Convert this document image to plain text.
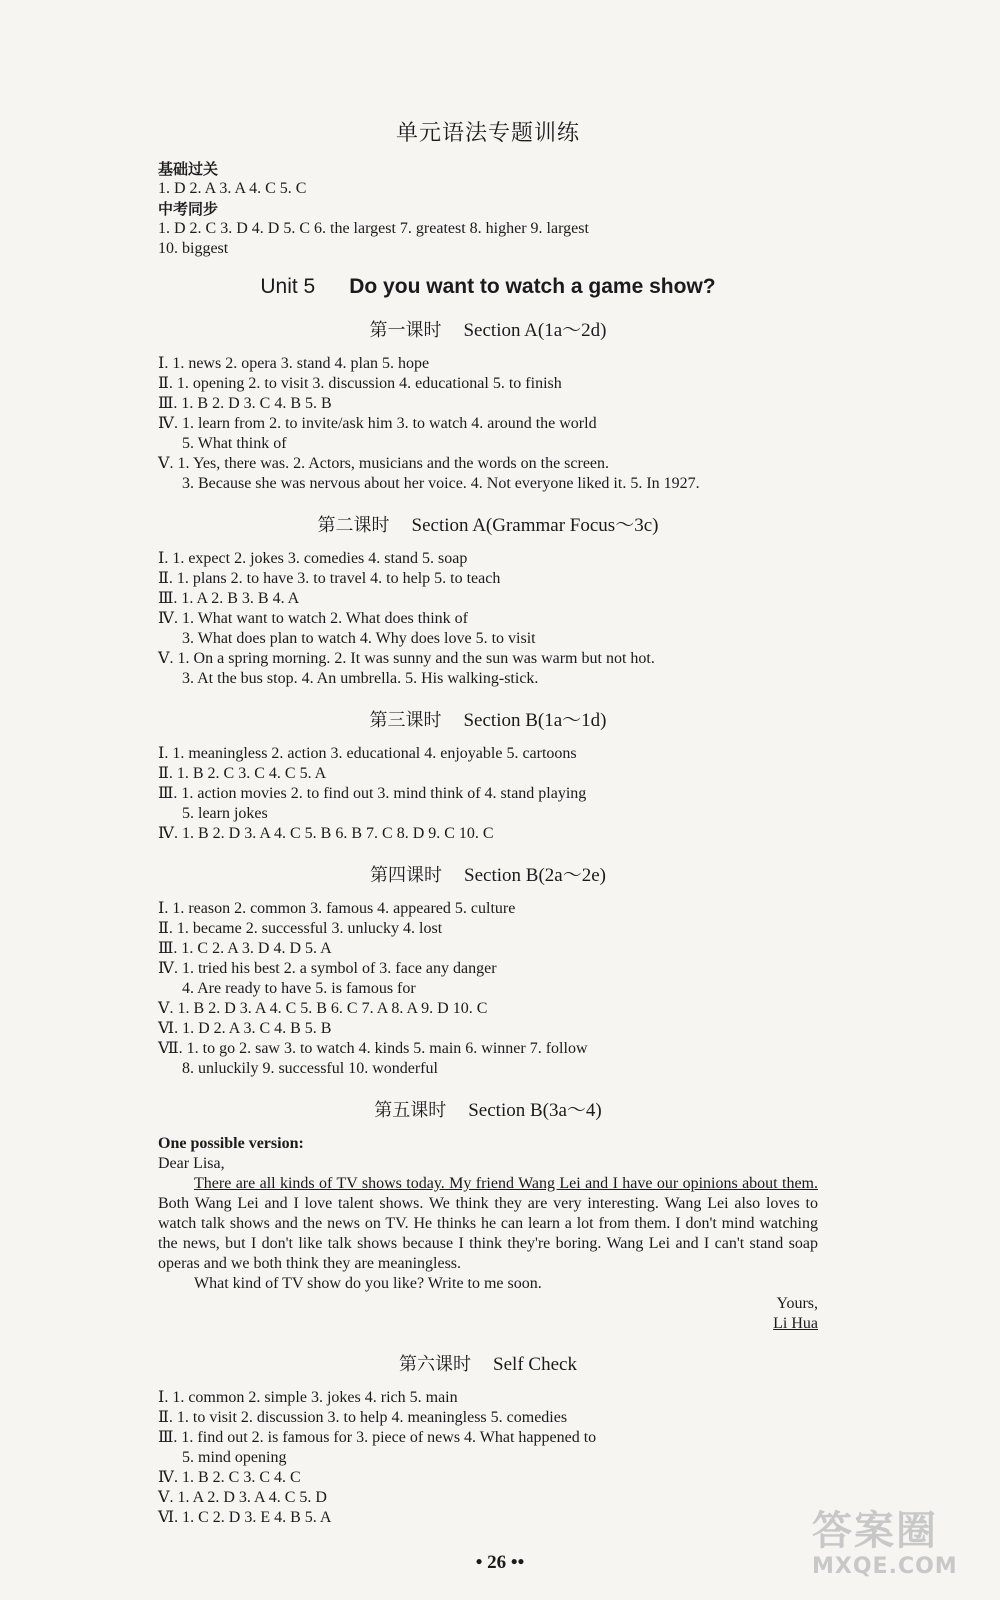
单元语法专题训练
基础过关
1. D 2. A 3. A 4. C 5. C
中考同步
1. D 2. C 3. D 4. D 5. C 6. the largest 7. greatest 8. higher 9. largest
10. biggest
Unit 5 Do you want to watch a game show?
第一课时 Section A(1a～2d)
Ⅰ. 1. news 2. opera 3. stand 4. plan 5. hope
Ⅱ. 1. opening 2. to visit 3. discussion 4. educational 5. to finish
Ⅲ. 1. B 2. D 3. C 4. B 5. B
Ⅳ. 1. learn from 2. to invite/ask him 3. to watch 4. around the world
5. What think of
Ⅴ. 1. Yes, there was. 2. Actors, musicians and the words on the screen.
3. Because she was nervous about her voice. 4. Not everyone liked it. 5. In 1927.
第二课时 Section A(Grammar Focus～3c)
Ⅰ. 1. expect 2. jokes 3. comedies 4. stand 5. soap
Ⅱ. 1. plans 2. to have 3. to travel 4. to help 5. to teach
Ⅲ. 1. A 2. B 3. B 4. A
Ⅳ. 1. What want to watch 2. What does think of
3. What does plan to watch 4. Why does love 5. to visit
Ⅴ. 1. On a spring morning. 2. It was sunny and the sun was warm but not hot.
3. At the bus stop. 4. An umbrella. 5. His walking-stick.
第三课时 Section B(1a～1d)
Ⅰ. 1. meaningless 2. action 3. educational 4. enjoyable 5. cartoons
Ⅱ. 1. B 2. C 3. C 4. C 5. A
Ⅲ. 1. action movies 2. to find out 3. mind think of 4. stand playing
5. learn jokes
Ⅳ. 1. B 2. D 3. A 4. C 5. B 6. B 7. C 8. D 9. C 10. C
第四课时 Section B(2a～2e)
Ⅰ. 1. reason 2. common 3. famous 4. appeared 5. culture
Ⅱ. 1. became 2. successful 3. unlucky 4. lost
Ⅲ. 1. C 2. A 3. D 4. D 5. A
Ⅳ. 1. tried his best 2. a symbol of 3. face any danger
4. Are ready to have 5. is famous for
Ⅴ. 1. B 2. D 3. A 4. C 5. B 6. C 7. A 8. A 9. D 10. C
Ⅵ. 1. D 2. A 3. C 4. B 5. B
Ⅶ. 1. to go 2. saw 3. to watch 4. kinds 5. main 6. winner 7. follow
8. unluckily 9. successful 10. wonderful
第五课时 Section B(3a～4)
One possible version:
Dear Lisa,

There are all kinds of TV shows today. My friend Wang Lei and I have our opinions about them. Both Wang Lei and I love talent shows. We think they are very interesting. Wang Lei also loves to watch talk shows and the news on TV. He thinks he can learn a lot from them. I don't mind watching the news, but I don't like talk shows because I think they're boring. Wang Lei and I can't stand soap operas and we both think they are meaningless.

What kind of TV show do you like? Write to me soon.

Yours,
Li Hua
第六课时 Self Check
Ⅰ. 1. common 2. simple 3. jokes 4. rich 5. main
Ⅱ. 1. to visit 2. discussion 3. to help 4. meaningless 5. comedies
Ⅲ. 1. find out 2. is famous for 3. piece of news 4. What happened to
5. mind opening
Ⅳ. 1. B 2. C 3. C 4. C
Ⅴ. 1. A 2. D 3. A 4. C 5. D
Ⅵ. 1. C 2. D 3. E 4. B 5. A
• 26 ••
答案圈
MXQE.COM
